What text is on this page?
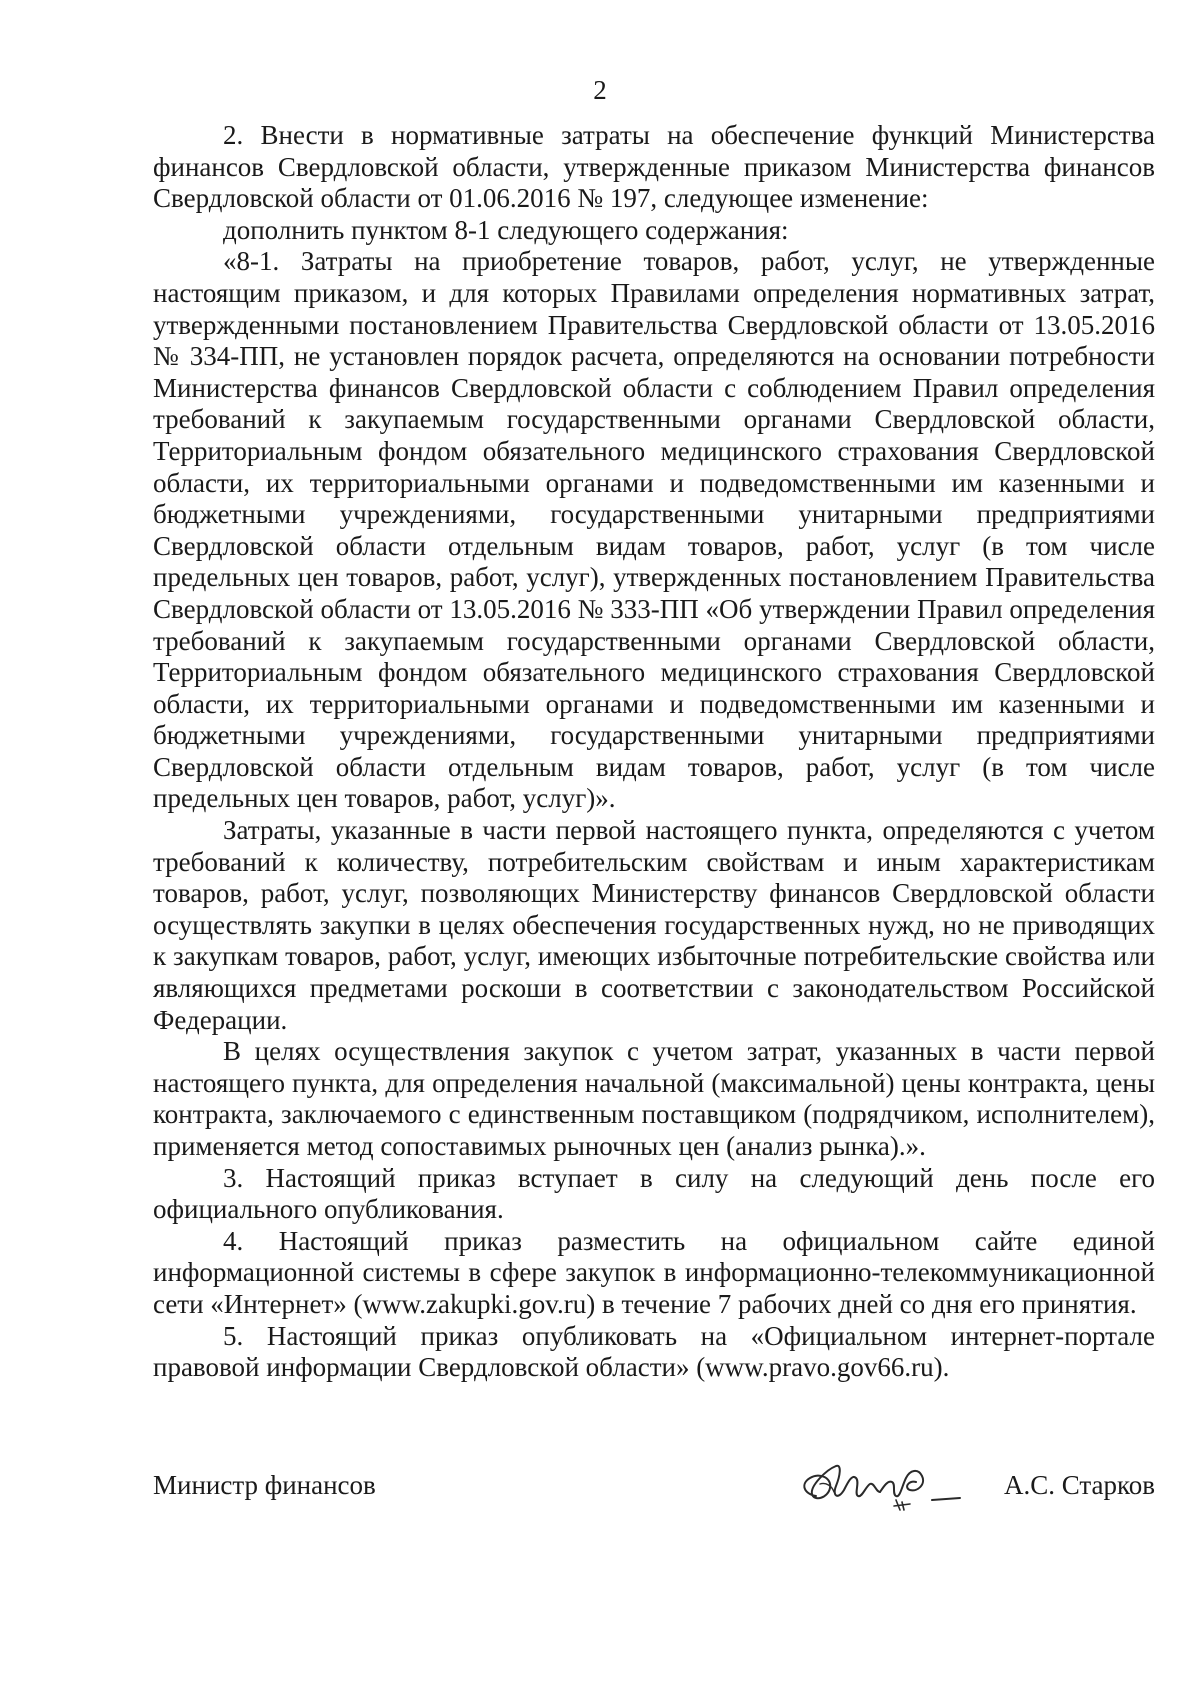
2

2. Внести в нормативные затраты на обеспечение функций Министерства финансов Свердловской области, утвержденные приказом Министерства финансов Свердловской области от 01.06.2016 № 197, следующее изменение:

дополнить пунктом 8-1 следующего содержания:

«8-1. Затраты на приобретение товаров, работ, услуг, не утвержденные настоящим приказом, и для которых Правилами определения нормативных затрат, утвержденными постановлением Правительства Свердловской области от 13.05.2016 № 334-ПП, не установлен порядок расчета, определяются на основании потребности Министерства финансов Свердловской области с соблюдением Правил определения требований к закупаемым государственными органами Свердловской области, Территориальным фондом обязательного медицинского страхования Свердловской области, их территориальными органами и подведомственными им казенными и бюджетными учреждениями, государственными унитарными предприятиями Свердловской области отдельным видам товаров, работ, услуг (в том числе предельных цен товаров, работ, услуг), утвержденных постановлением Правительства Свердловской области от 13.05.2016 № 333-ПП «Об утверждении Правил определения требований к закупаемым государственными органами Свердловской области, Территориальным фондом обязательного медицинского страхования Свердловской области, их территориальными органами и подведомственными им казенными и бюджетными учреждениями, государственными унитарными предприятиями Свердловской области отдельным видам товаров, работ, услуг (в том числе предельных цен товаров, работ, услуг)».

Затраты, указанные в части первой настоящего пункта, определяются с учетом требований к количеству, потребительским свойствам и иным характеристикам товаров, работ, услуг, позволяющих Министерству финансов Свердловской области осуществлять закупки в целях обеспечения государственных нужд, но не приводящих к закупкам товаров, работ, услуг, имеющих избыточные потребительские свойства или являющихся предметами роскоши в соответствии с законодательством Российской Федерации.

В целях осуществления закупок с учетом затрат, указанных в части первой настоящего пункта, для определения начальной (максимальной) цены контракта, цены контракта, заключаемого с единственным поставщиком (подрядчиком, исполнителем), применяется метод сопоставимых рыночных цен (анализ рынка).».

3. Настоящий приказ вступает в силу на следующий день после его официального опубликования.

4. Настоящий приказ разместить на официальном сайте единой информационной системы в сфере закупок в информационно-телекоммуникационной сети «Интернет» (www.zakupki.gov.ru) в течение 7 рабочих дней со дня его принятия.

5. Настоящий приказ опубликовать на «Официальном интернет-портале правовой информации Свердловской области» (www.pravo.gov66.ru).

Министр финансов	А.С. Старков
